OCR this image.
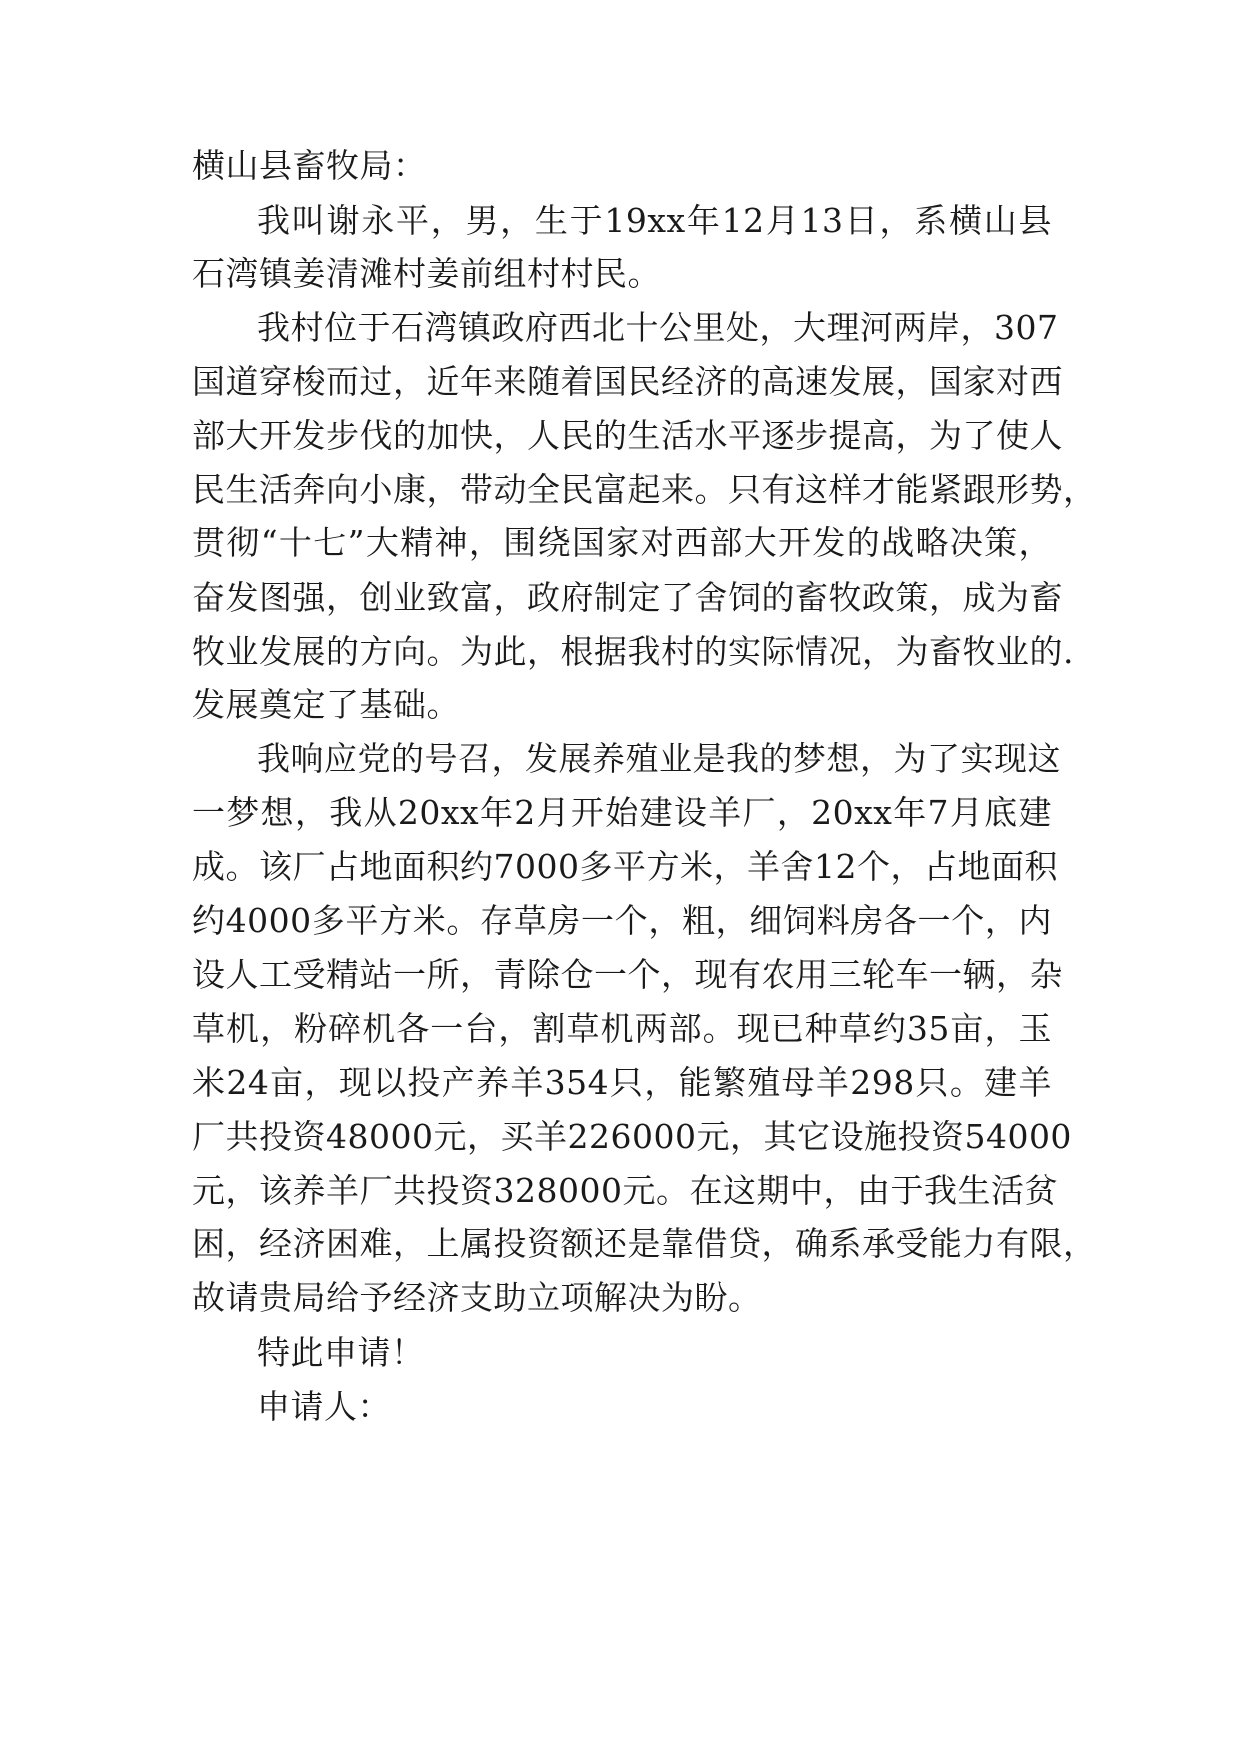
横山县畜牧局：
我叫谢永平，男，生于19xx年12月13日，系横山县
石湾镇姜清滩村姜前组村村民。
我村位于石湾镇政府西北十公里处，大理河两岸，307
国道穿梭而过，近年来随着国民经济的高速发展，国家对西
部大开发步伐的加快，人民的生活水平逐步提高，为了使人
民生活奔向小康，带动全民富起来。只有这样才能紧跟形势，
贯彻“十七”大精神，围绕国家对西部大开发的战略决策，
奋发图强，创业致富，政府制定了舍饲的畜牧政策，成为畜
牧业发展的方向。为此，根据我村的实际情况，为畜牧业的.
发展奠定了基础。
我响应党的号召，发展养殖业是我的梦想，为了实现这
一梦想，我从20xx年2月开始建设羊厂，20xx年7月底建
成。该厂占地面积约7000多平方米，羊舍12个，占地面积
约4000多平方米。存草房一个，粗，细饲料房各一个，内
设人工受精站一所，青除仓一个，现有农用三轮车一辆，杂
草机，粉碎机各一台，割草机两部。现已种草约35亩，玉
米24亩，现以投产养羊354只，能繁殖母羊298只。建羊
厂共投资48000元，买羊226000元，其它设施投资54000
元，该养羊厂共投资328000元。在这期中，由于我生活贫
困，经济困难，上属投资额还是靠借贷，确系承受能力有限，
故请贵局给予经济支助立项解决为盼。
特此申请！
申请人：
